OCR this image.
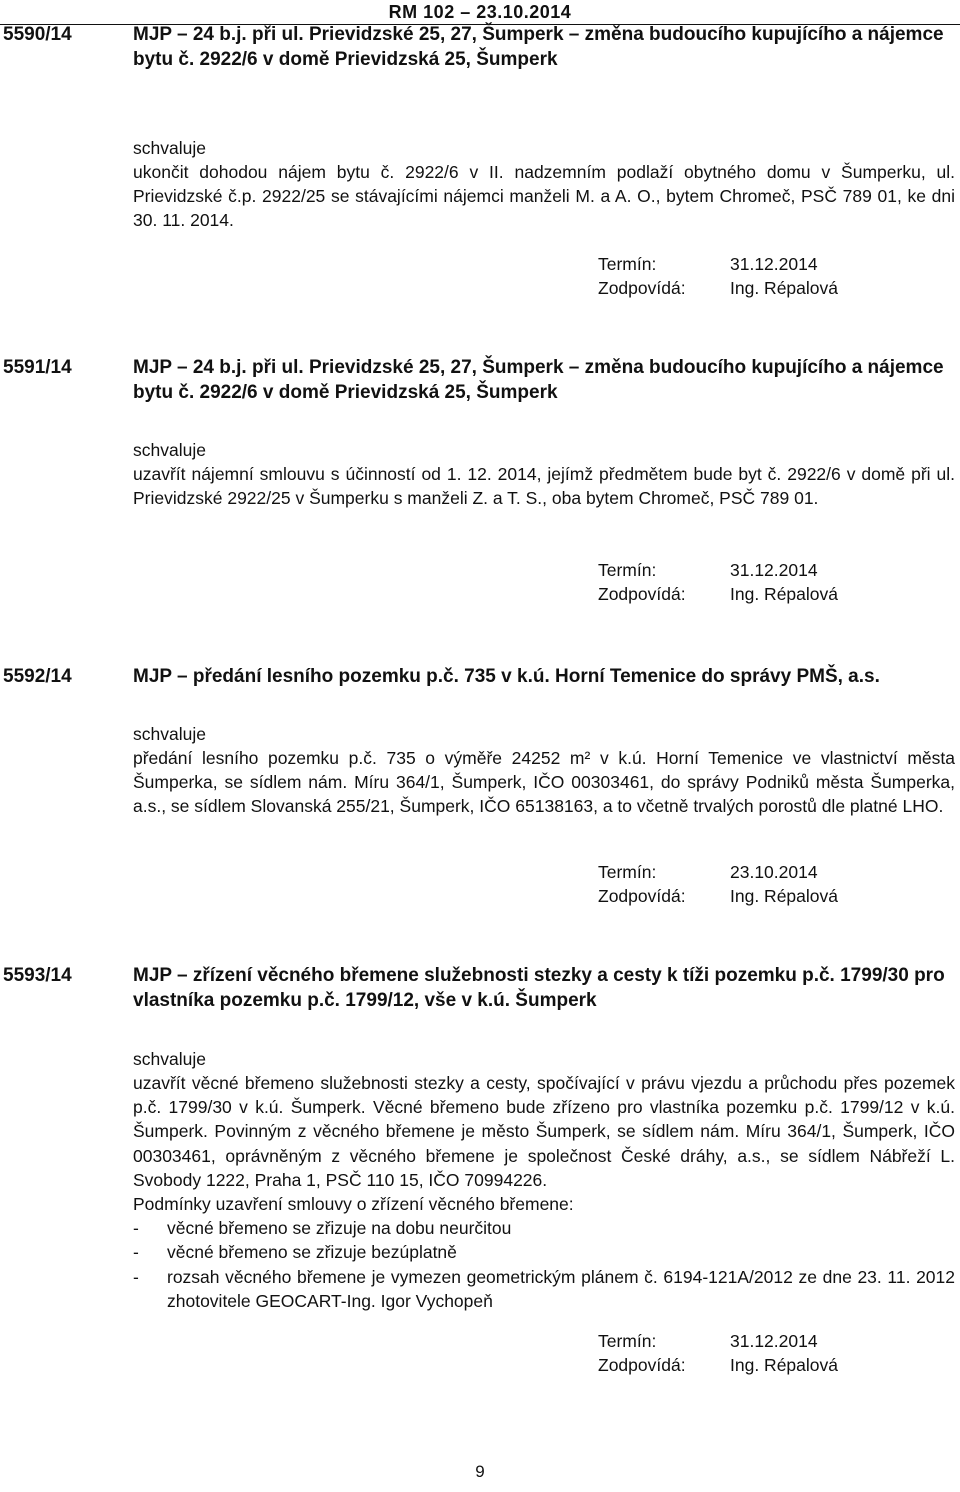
RM 102 – 23.10.2014
5590/14	MJP – 24 b.j. při ul. Prievidzské 25, 27, Šumperk – změna budoucího kupujícího a nájemce bytu č. 2922/6 v domě Prievidzská 25, Šumperk
schvaluje

ukončit dohodou nájem bytu č. 2922/6 v II. nadzemním podlaží obytného domu v Šumperku, ul. Prievidzské č.p. 2922/25 se stávajícími nájemci manželi M. a A. O., bytem Chromeč, PSČ 789 01, ke dni 30. 11. 2014.

Termín:	31.12.2014
Zodpovídá:	Ing. Répalová
5591/14	MJP – 24 b.j. při ul. Prievidzské 25, 27, Šumperk – změna budoucího kupujícího a nájemce bytu č. 2922/6 v domě Prievidzská 25, Šumperk
schvaluje

uzavřít nájemní smlouvu s účinností od 1. 12. 2014, jejímž předmětem bude byt č. 2922/6 v domě při ul. Prievidzské 2922/25 v Šumperku s manželi Z. a T. S., oba bytem Chromeč, PSČ 789 01.

Termín:	31.12.2014
Zodpovídá:	Ing. Répalová
5592/14	MJP – předání lesního pozemku p.č. 735 v k.ú. Horní Temenice do správy PMŠ, a.s.
schvaluje

předání lesního pozemku p.č. 735 o výměře 24252 m² v k.ú. Horní Temenice ve vlastnictví města Šumperka, se sídlem nám. Míru 364/1, Šumperk, IČO 00303461, do správy Podniků města Šumperka, a.s., se sídlem Slovanská 255/21, Šumperk, IČO 65138163, a to včetně trvalých porostů dle platné LHO.

Termín:	23.10.2014
Zodpovídá:	Ing. Répalová
5593/14	MJP – zřízení věcného břemene služebnosti stezky a cesty k tíži pozemku p.č. 1799/30 pro vlastníka pozemku p.č. 1799/12, vše v k.ú. Šumperk
schvaluje

uzavřít věcné břemeno služebnosti stezky a cesty, spočívající v právu vjezdu a průchodu přes pozemek p.č. 1799/30 v k.ú. Šumperk. Věcné břemeno bude zřízeno pro vlastníka pozemku p.č. 1799/12 v k.ú. Šumperk. Povinným z věcného břemene je město Šumperk, se sídlem nám. Míru 364/1, Šumperk, IČO 00303461, oprávněným z věcného břemene je společnost České dráhy, a.s., se sídlem Nábřeží L. Svobody 1222, Praha 1, PSČ 110 15, IČO 70994226.

Podmínky uzavření smlouvy o zřízení věcného břemene:

- věcné břemeno se zřizuje na dobu neurčitou
- věcné břemeno se zřizuje bezúplatně
- rozsah věcného břemene je vymezen geometrickým plánem č. 6194-121A/2012 ze dne 23. 11. 2012 zhotovitele GEOCART-Ing. Igor Vychopeň
Termín:	31.12.2014
Zodpovídá:	Ing. Répalová
9
